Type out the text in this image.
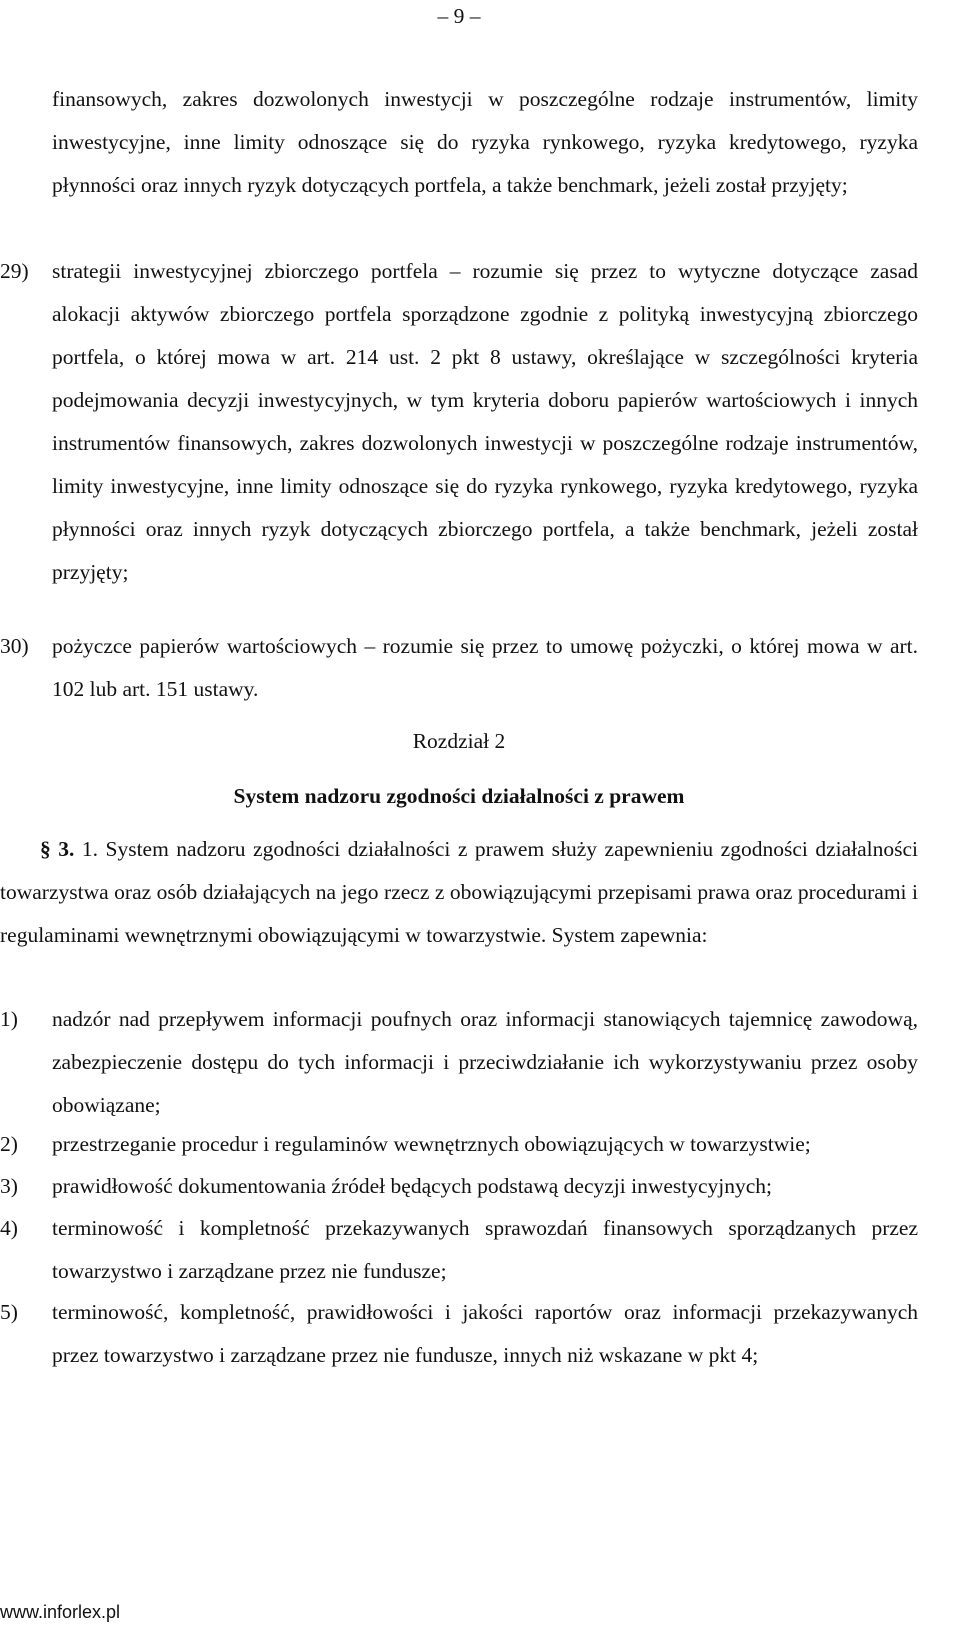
– 9 –
finansowych, zakres dozwolonych inwestycji w poszczególne rodzaje instrumentów, limity inwestycyjne, inne limity odnoszące się do ryzyka rynkowego, ryzyka kredytowego, ryzyka płynności oraz innych ryzyk dotyczących portfela, a także benchmark, jeżeli został przyjęty;
29) strategii inwestycyjnej zbiorczego portfela – rozumie się przez to wytyczne dotyczące zasad alokacji aktywów zbiorczego portfela sporządzone zgodnie z polityką inwestycyjną zbiorczego portfela, o której mowa w art. 214 ust. 2 pkt 8 ustawy, określające w szczególności kryteria podejmowania decyzji inwestycyjnych, w tym kryteria doboru papierów wartościowych i innych instrumentów finansowych, zakres dozwolonych inwestycji w poszczególne rodzaje instrumentów, limity inwestycyjne, inne limity odnoszące się do ryzyka rynkowego, ryzyka kredytowego, ryzyka płynności oraz innych ryzyk dotyczących zbiorczego portfela, a także benchmark, jeżeli został przyjęty;
30) pożyczce papierów wartościowych – rozumie się przez to umowę pożyczki, o której mowa w art. 102 lub art. 151 ustawy.
Rozdział 2
System nadzoru zgodności działalności z prawem
§ 3. 1. System nadzoru zgodności działalności z prawem służy zapewnieniu zgodności działalności towarzystwa oraz osób działających na jego rzecz z obowiązującymi przepisami prawa oraz procedurami i regulaminami wewnętrznymi obowiązującymi w towarzystwie. System zapewnia:
1) nadzór nad przepływem informacji poufnych oraz informacji stanowiących tajemnicę zawodową, zabezpieczenie dostępu do tych informacji i przeciwdziałanie ich wykorzystywaniu przez osoby obowiązane;
2) przestrzeganie procedur i regulaminów wewnętrznych obowiązujących w towarzystwie;
3) prawidłowość dokumentowania źródeł będących podstawą decyzji inwestycyjnych;
4) terminowość i kompletność przekazywanych sprawozdań finansowych sporządzanych przez towarzystwo i zarządzane przez nie fundusze;
5) terminowość, kompletność, prawidłowości i jakości raportów oraz informacji przekazywanych przez towarzystwo i zarządzane przez nie fundusze, innych niż wskazane w pkt 4;
www.inforlex.pl
